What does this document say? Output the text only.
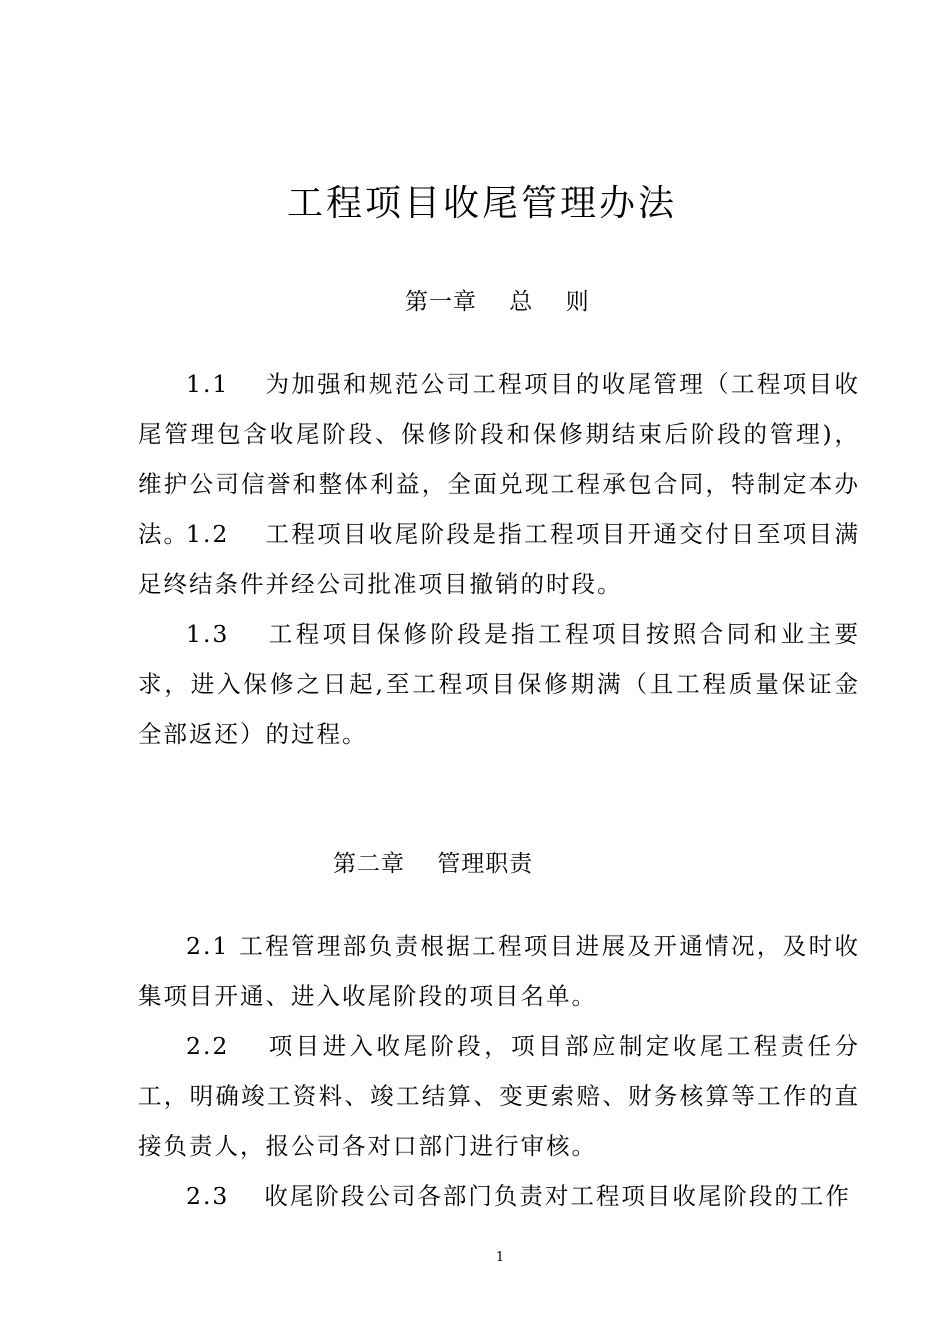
工程项目收尾管理办法
第一章　 总　 则

1.1　 为加强和规范公司工程项目的收尾管理（工程项目收尾管理包含收尾阶段、保修阶段和保修期结束后阶段的管理)，维护公司信誉和整体利益，全面兑现工程承包合同，特制定本办法。

1.2　 工程项目收尾阶段是指工程项目开通交付日至项目满足终结条件并经公司批准项目撤销的时段。

1.3　 工程项目保修阶段是指工程项目按照合同和业主要求，进入保修之日起,至工程项目保修期满（且工程质量保证金全部返还）的过程。

第二章　 管理职责

2.1 工程管理部负责根据工程项目进展及开通情况，及时收集项目开通、进入收尾阶段的项目名单。

2.2　 项目进入收尾阶段，项目部应制定收尾工程责任分工，明确竣工资料、竣工结算、变更索赔、财务核算等工作的直接负责人，报公司各对口部门进行审核。

2.3　 收尾阶段公司各部门负责对工程项目收尾阶段的工作

1
